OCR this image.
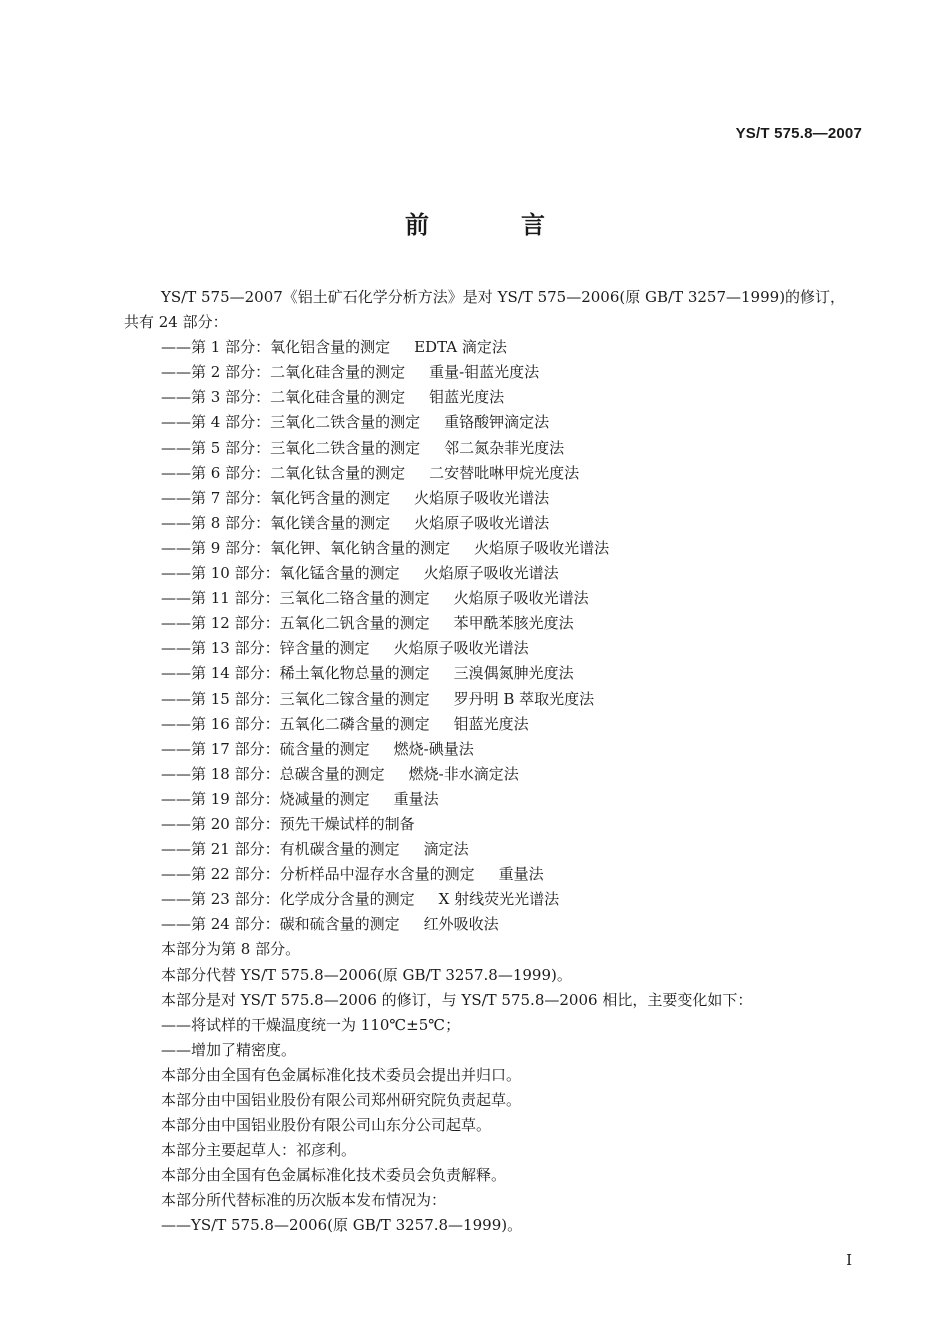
YS/T 575.8—2007
前　言
YS/T 575—2007《铝土矿石化学分析方法》是对 YS/T 575—2006(原 GB/T 3257—1999)的修订，
共有 24 部分：
——第 1 部分：氧化铝含量的测定 EDTA 滴定法
——第 2 部分：二氧化硅含量的测定 重量-钼蓝光度法
——第 3 部分：二氧化硅含量的测定 钼蓝光度法
——第 4 部分：三氧化二铁含量的测定 重铬酸钾滴定法
——第 5 部分：三氧化二铁含量的测定 邻二氮杂菲光度法
——第 6 部分：二氧化钛含量的测定 二安替吡啉甲烷光度法
——第 7 部分：氧化钙含量的测定 火焰原子吸收光谱法
——第 8 部分：氧化镁含量的测定 火焰原子吸收光谱法
——第 9 部分：氧化钾、氧化钠含量的测定 火焰原子吸收光谱法
——第 10 部分：氧化锰含量的测定 火焰原子吸收光谱法
——第 11 部分：三氧化二铬含量的测定 火焰原子吸收光谱法
——第 12 部分：五氧化二钒含量的测定 苯甲酰苯胲光度法
——第 13 部分：锌含量的测定 火焰原子吸收光谱法
——第 14 部分：稀土氧化物总量的测定 三溴偶氮胂光度法
——第 15 部分：三氧化二镓含量的测定 罗丹明 B 萃取光度法
——第 16 部分：五氧化二磷含量的测定 钼蓝光度法
——第 17 部分：硫含量的测定 燃烧-碘量法
——第 18 部分：总碳含量的测定 燃烧-非水滴定法
——第 19 部分：烧减量的测定 重量法
——第 20 部分：预先干燥试样的制备
——第 21 部分：有机碳含量的测定 滴定法
——第 22 部分：分析样品中湿存水含量的测定 重量法
——第 23 部分：化学成分含量的测定 X 射线荧光光谱法
——第 24 部分：碳和硫含量的测定 红外吸收法
本部分为第 8 部分。
本部分代替 YS/T 575.8—2006(原 GB/T 3257.8—1999)。
本部分是对 YS/T 575.8—2006 的修订，与 YS/T 575.8—2006 相比，主要变化如下：
——将试样的干燥温度统一为 110℃±5℃；
——增加了精密度。
本部分由全国有色金属标准化技术委员会提出并归口。
本部分由中国铝业股份有限公司郑州研究院负责起草。
本部分由中国铝业股份有限公司山东分公司起草。
本部分主要起草人：祁彦利。
本部分由全国有色金属标准化技术委员会负责解释。
本部分所代替标准的历次版本发布情况为：
——YS/T 575.8—2006(原 GB/T 3257.8—1999)。
I
